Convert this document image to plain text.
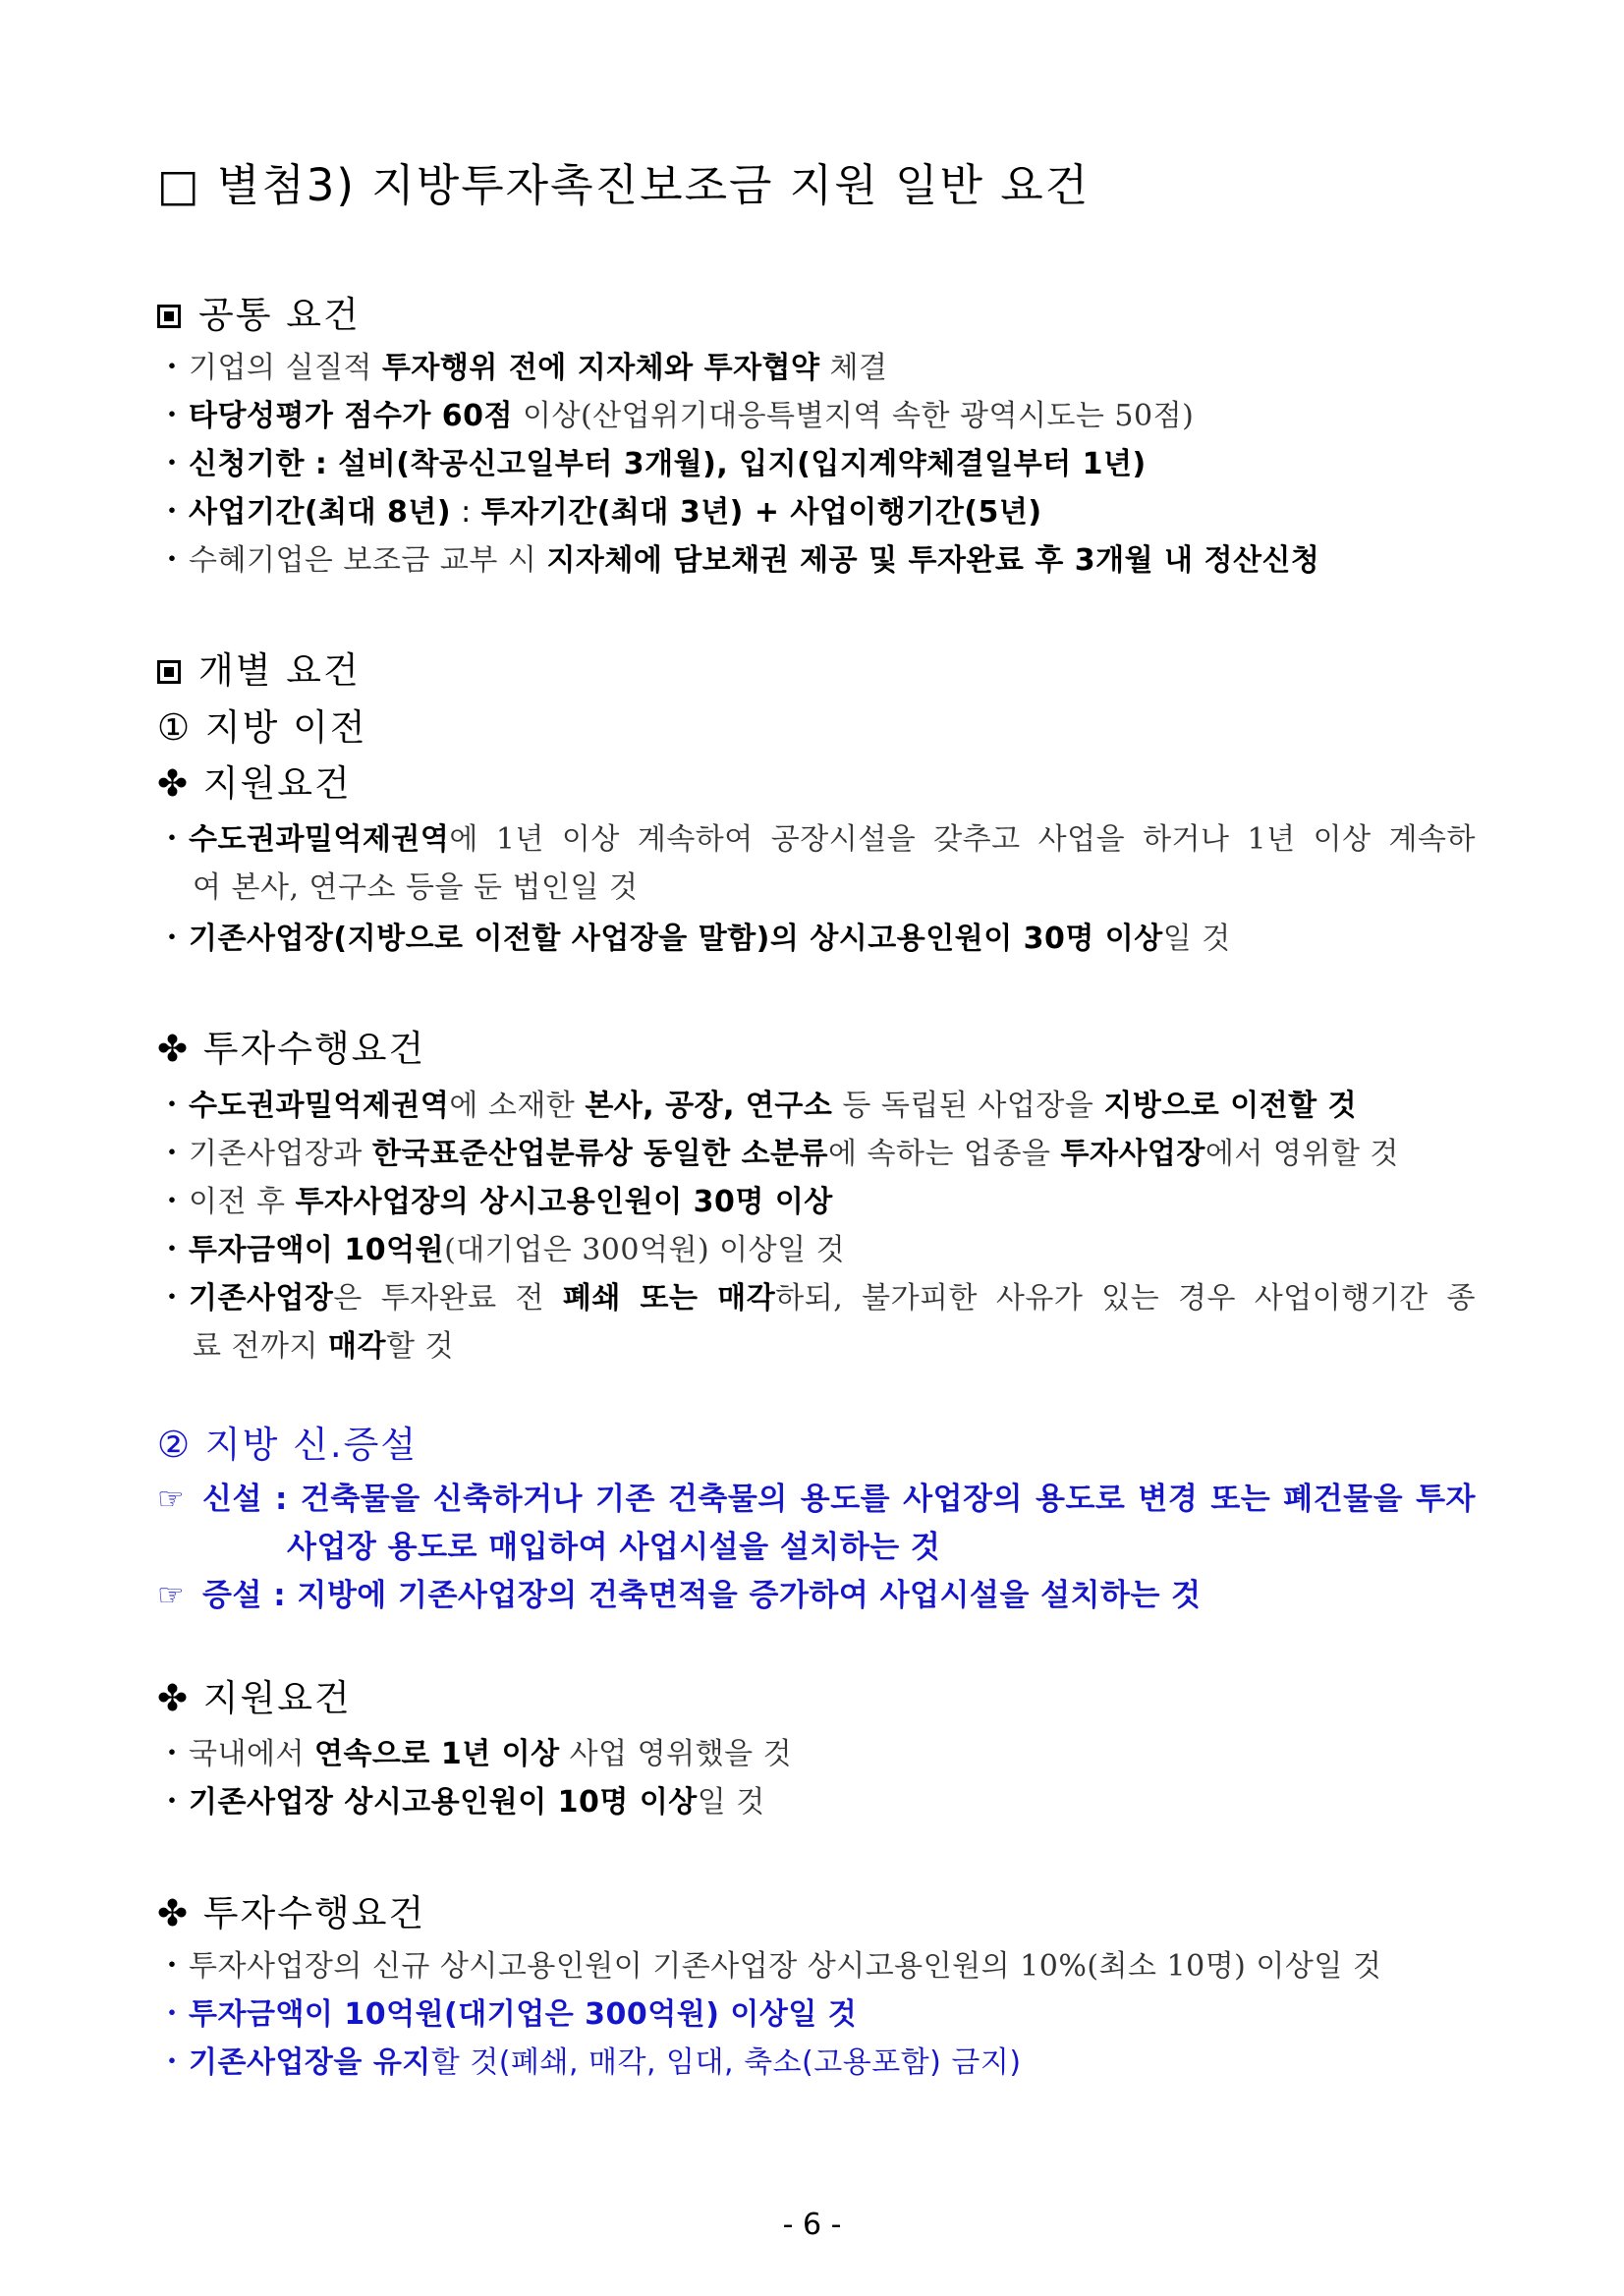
□ 별첨3) 지방투자촉진보조금 지원 일반 요건
공통 요건
・기업의 실질적 투자행위 전에 지자체와 투자협약 체결
・타당성평가 점수가 60점 이상(산업위기대응특별지역 속한 광역시도는 50점)
・신청기한 : 설비(착공신고일부터 3개월), 입지(입지계약체결일부터 1년)
・사업기간(최대 8년) : 투자기간(최대 3년) + 사업이행기간(5년)
・수혜기업은 보조금 교부 시 지자체에 담보채권 제공 및 투자완료 후 3개월 내 정산신청
개별 요건
① 지방 이전
✤ 지원요건
・수도권과밀억제권역에 1년 이상 계속하여 공장시설을 갖추고 사업을 하거나 1년 이상 계속하
여 본사, 연구소 등을 둔 법인일 것
・기존사업장(지방으로 이전할 사업장을 말함)의 상시고용인원이 30명 이상일 것
✤ 투자수행요건
・수도권과밀억제권역에 소재한 본사, 공장, 연구소 등 독립된 사업장을 지방으로 이전할 것
・기존사업장과 한국표준산업분류상 동일한 소분류에 속하는 업종을 투자사업장에서 영위할 것
・이전 후 투자사업장의 상시고용인원이 30명 이상
・투자금액이 10억원(대기업은 300억원) 이상일 것
・기존사업장은 투자완료 전 폐쇄 또는 매각하되, 불가피한 사유가 있는 경우 사업이행기간 종
료 전까지 매각할 것
② 지방 신.증설
☞ 신설 : 건축물을 신축하거나 기존 건축물의 용도를 사업장의 용도로 변경 또는 폐건물을 투자
사업장 용도로 매입하여 사업시설을 설치하는 것
☞ 증설 : 지방에 기존사업장의 건축면적을 증가하여 사업시설을 설치하는 것
✤ 지원요건
・국내에서 연속으로 1년 이상 사업 영위했을 것
・기존사업장 상시고용인원이 10명 이상일 것
✤ 투자수행요건
・투자사업장의 신규 상시고용인원이 기존사업장 상시고용인원의 10%(최소 10명) 이상일 것
・투자금액이 10억원(대기업은 300억원) 이상일 것
・기존사업장을 유지할 것(폐쇄, 매각, 임대, 축소(고용포함) 금지)
- 6 -
